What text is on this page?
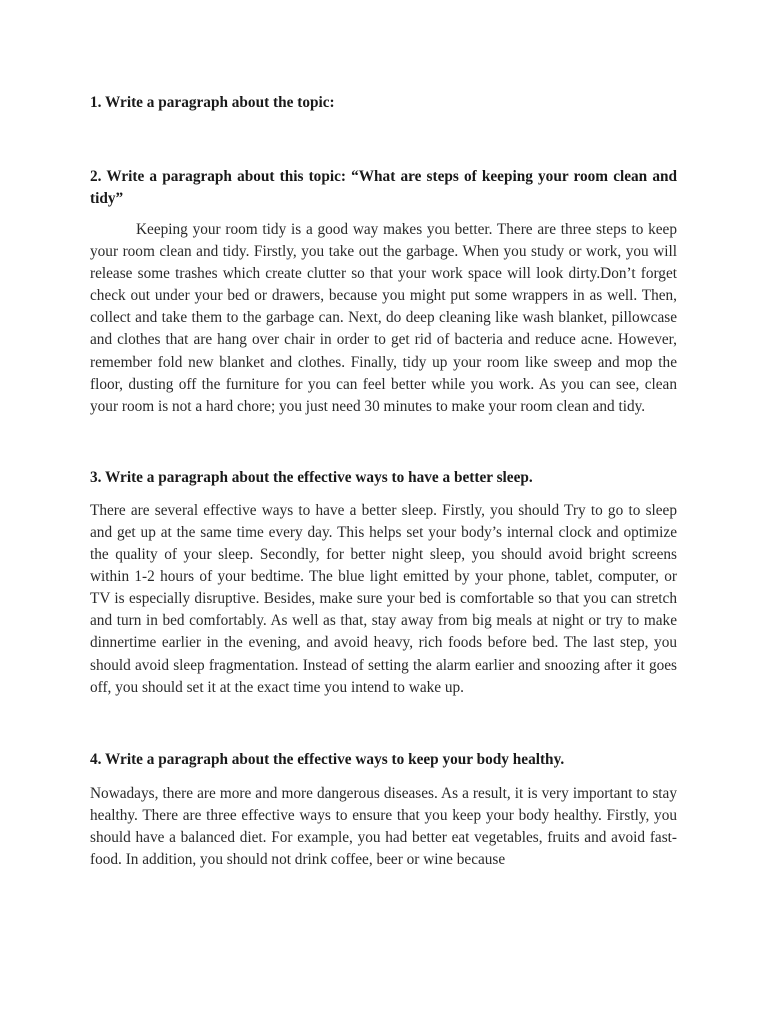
1. Write a paragraph about the topic:

2. Write a paragraph about this topic: “What are steps of keeping your room clean and tidy”

Keeping your room tidy is a good way makes you better. There are three steps to keep your room clean and tidy. Firstly, you take out the garbage. When you study or work, you will release some trashes which create clutter so that your work space will look dirty.Don’t forget check out under your bed or drawers, because you might put some wrappers in as well. Then, collect and take them to the garbage can. Next, do deep cleaning like wash blanket, pillowcase and clothes that are hang over chair in order to get rid of bacteria and reduce acne. However, remember fold new blanket and clothes. Finally, tidy up your room like sweep and mop the floor, dusting off the furniture for you can feel better while you work. As you can see, clean your room is not a hard chore; you just need 30 minutes to make your room clean and tidy.

3. Write a paragraph about the effective ways to have a better sleep.

There are several effective ways to have a better sleep. Firstly, you should Try to go to sleep and get up at the same time every day. This helps set your body’s internal clock and optimize the quality of your sleep. Secondly, for better night sleep, you should avoid bright screens within 1-2 hours of your bedtime. The blue light emitted by your phone, tablet, computer, or TV is especially disruptive. Besides, make sure your bed is comfortable so that you can stretch and turn in bed comfortably. As well as that, stay away from big meals at night or try to make dinnertime earlier in the evening, and avoid heavy, rich foods before bed. The last step, you should avoid sleep fragmentation. Instead of setting the alarm earlier and snoozing after it goes off, you should set it at the exact time you intend to wake up.

4. Write a paragraph about the effective ways to keep your body healthy.

Nowadays, there are more and more dangerous diseases. As a result, it is very important to stay healthy. There are three effective ways to ensure that you keep your body healthy. Firstly, you should have a balanced diet. For example, you had better eat vegetables, fruits and avoid fast-food. In addition, you should not drink coffee, beer or wine because
